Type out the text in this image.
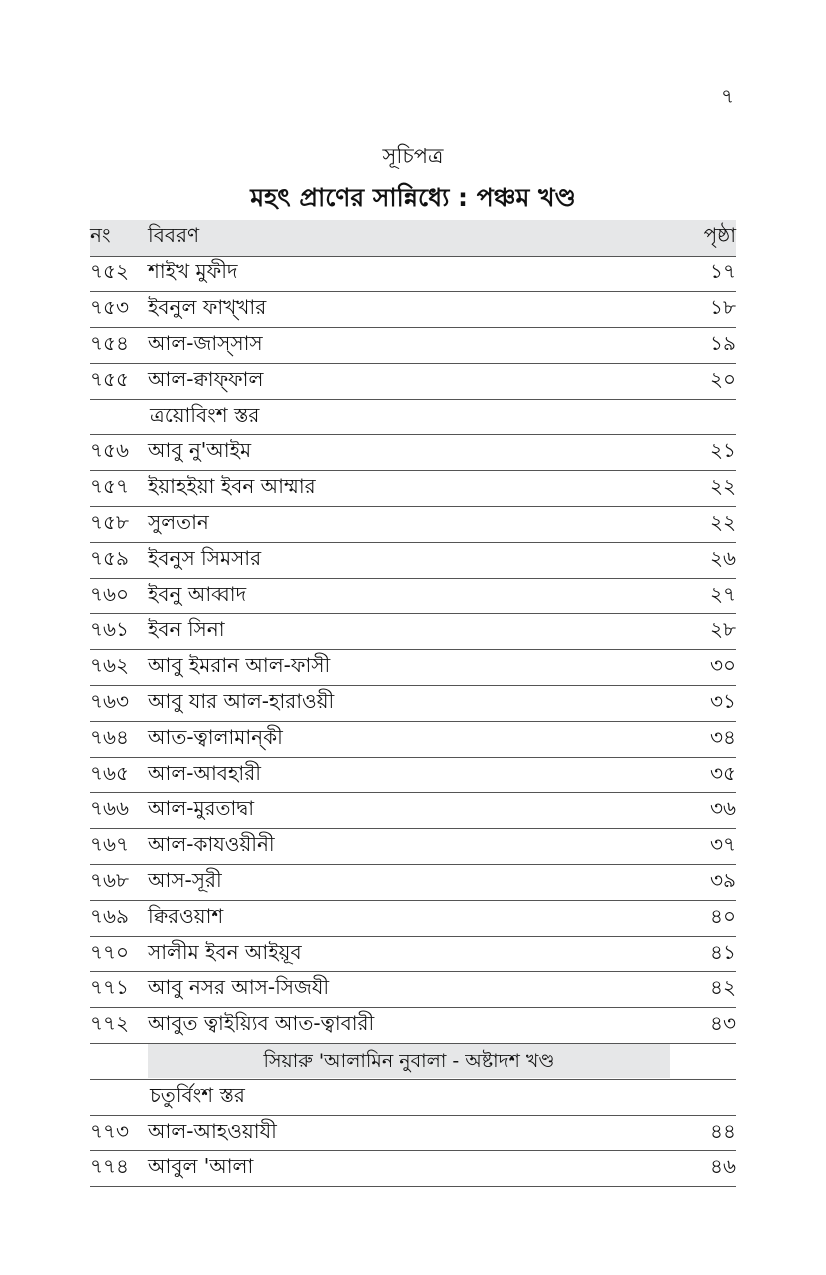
৭
সূচিপত্র
মহৎ প্রাণের সান্নিধ্যে : পঞ্চম খণ্ড
নং	বিবরণ	পৃষ্ঠা
৭৫২	শাইখ মুফীদ	১৭
৭৫৩	ইবনুল ফাখ্খার	১৮
৭৫৪	আল-জাস্সাস	১৯
৭৫৫	আল-ক্বাফ্ফাল	২০
	ত্রয়োবিংশ স্তর	
৭৫৬	আবু নু'আইম	২১
৭৫৭	ইয়াহইয়া ইবন আম্মার	২২
৭৫৮	সুলতান	২২
৭৫৯	ইবনুস সিমসার	২৬
৭৬০	ইবনু আব্বাদ	২৭
৭৬১	ইবন সিনা	২৮
৭৬২	আবু ইমরান আল-ফাসী	৩০
৭৬৩	আবু যার আল-হারাওয়ী	৩১
৭৬৪	আত-ত্বালামান্কী	৩৪
৭৬৫	আল-আবহারী	৩৫
৭৬৬	আল-মুরতাদ্বা	৩৬
৭৬৭	আল-কাযওয়ীনী	৩৭
৭৬৮	আস-সূরী	৩৯
৭৬৯	ক্বিরওয়াশ	৪০
৭৭০	সালীম ইবন আইয়ূব	৪১
৭৭১	আবু নসর আস-সিজযী	৪২
৭৭২	আবুত ত্বাইয়্যিব আত-ত্বাবারী	৪৩

	সিয়ারু 'আলামিন নুবালা - অষ্টাদশ খণ্ড	

	চতুর্বিংশ স্তর	
৭৭৩	আল-আহওয়াযী	৪৪
৭৭৪	আবুল 'আলা	৪৬
